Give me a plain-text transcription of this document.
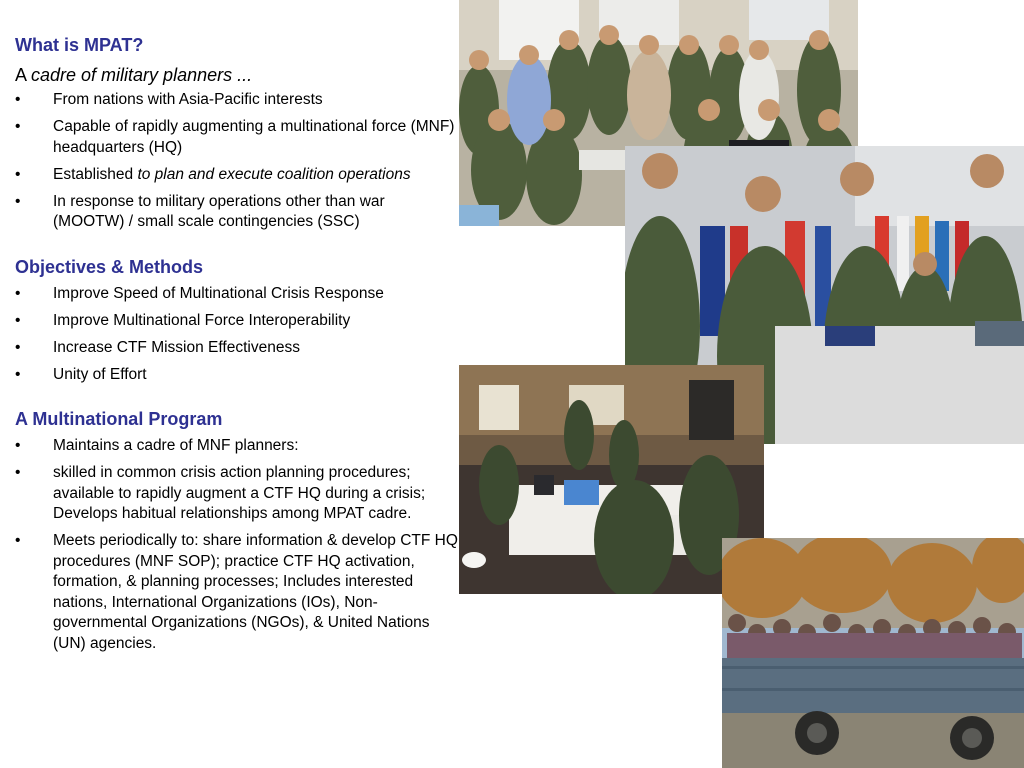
What is MPAT?

A cadre of military planners ...

• From nations with Asia-Pacific interests
• Capable of rapidly augmenting a multinational force (MNF) headquarters (HQ)
• Established to plan and execute coalition operations
• In response to military operations other than war (MOOTW) / small scale contingencies (SSC)
Objectives & Methods
• Improve Speed of Multinational Crisis Response
• Improve Multinational Force Interoperability
• Increase CTF Mission Effectiveness
• Unity of Effort
A Multinational Program
• Maintains a cadre of MNF planners:
• skilled in common crisis action planning procedures; available to rapidly augment a CTF HQ during a crisis; Develops habitual relationships among MPAT cadre.
• Meets periodically to: share information & develop CTF HQ procedures (MNF SOP); practice CTF HQ activation, formation, & planning processes; Includes interested nations, International Organizations (IOs), Non-governmental Organizations (NGOs), & United Nations (UN) agencies.
